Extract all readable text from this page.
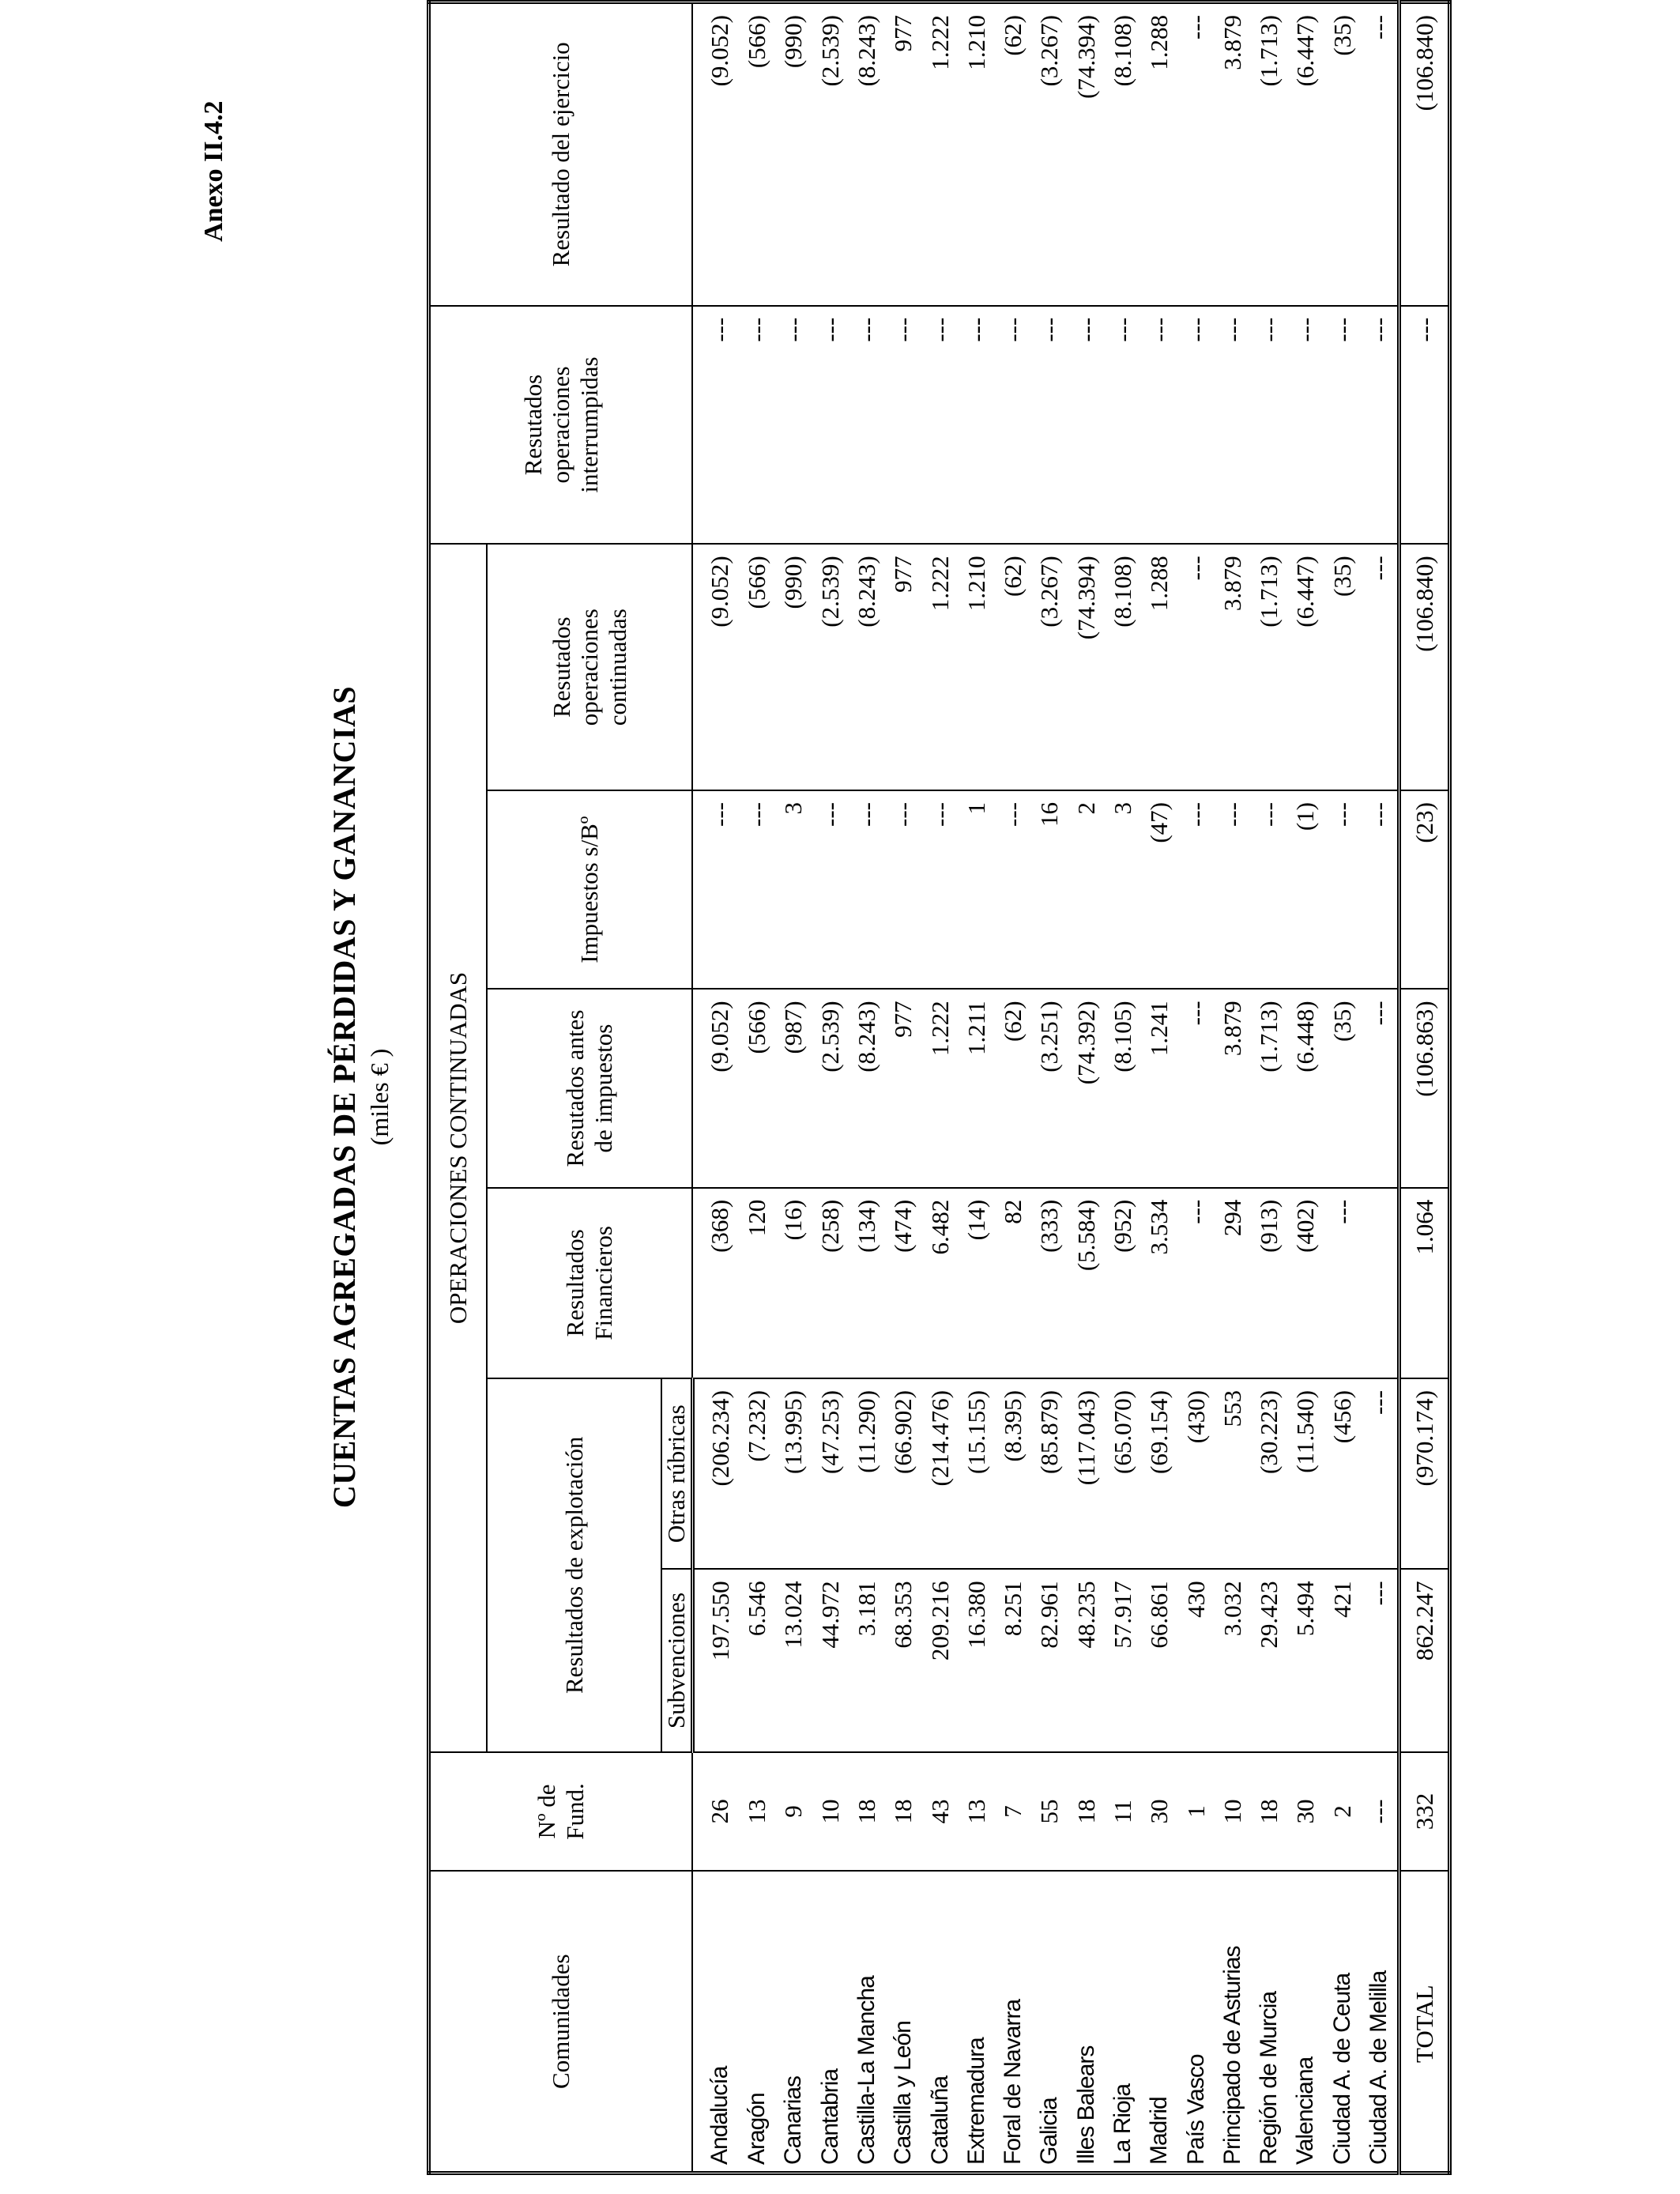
Anexo II.4.2
CUENTAS AGREGADAS DE PÉRDIDAS Y GANANCIAS (miles € )
Comunidades	Nº de Fund.	OPERACIONES CONTINUADAS						Resutados operaciones interrumpidas	Resultado del ejercicio
		Resultados de explotación		Resultados Financieros	Resutados antes de impuestos	Impuestos s/Bº	Resutados operaciones continuadas		
		Subvenciones	Otras rúbricas						
Andalucía	26	197.550	(206.234)	(368)	(9.052)	---	(9.052)	---	(9.052)
Aragón	13	6.546	(7.232)	120	(566)	---	(566)	---	(566)
Canarias	9	13.024	(13.995)	(16)	(987)	3	(990)	---	(990)
Cantabria	10	44.972	(47.253)	(258)	(2.539)	---	(2.539)	---	(2.539)
Castilla-La Mancha	18	3.181	(11.290)	(134)	(8.243)	---	(8.243)	---	(8.243)
Castilla y León	18	68.353	(66.902)	(474)	977	---	977	---	977
Cataluña	43	209.216	(214.476)	6.482	1.222	---	1.222	---	1.222
Extremadura	13	16.380	(15.155)	(14)	1.211	1	1.210	---	1.210
Foral de Navarra	7	8.251	(8.395)	82	(62)	---	(62)	---	(62)
Galicia	55	82.961	(85.879)	(333)	(3.251)	16	(3.267)	---	(3.267)
Illes Balears	18	48.235	(117.043)	(5.584)	(74.392)	2	(74.394)	---	(74.394)
La Rioja	11	57.917	(65.070)	(952)	(8.105)	3	(8.108)	---	(8.108)
Madrid	30	66.861	(69.154)	3.534	1.241	(47)	1.288	---	1.288
País Vasco	1	430	(430)	---	---	---	---	---	---
Principado de Asturias	10	3.032	553	294	3.879	---	3.879	---	3.879
Región de Murcia	18	29.423	(30.223)	(913)	(1.713)	---	(1.713)	---	(1.713)
Valenciana	30	5.494	(11.540)	(402)	(6.448)	(1)	(6.447)	---	(6.447)
Ciudad A. de Ceuta	2	421	(456)	---	(35)	---	(35)	---	(35)
Ciudad A. de Melilla	---	---	---		---	---	---	---	---
TOTAL	332	862.247	(970.174)	1.064	(106.863)	(23)	(106.840)	---	(106.840)
